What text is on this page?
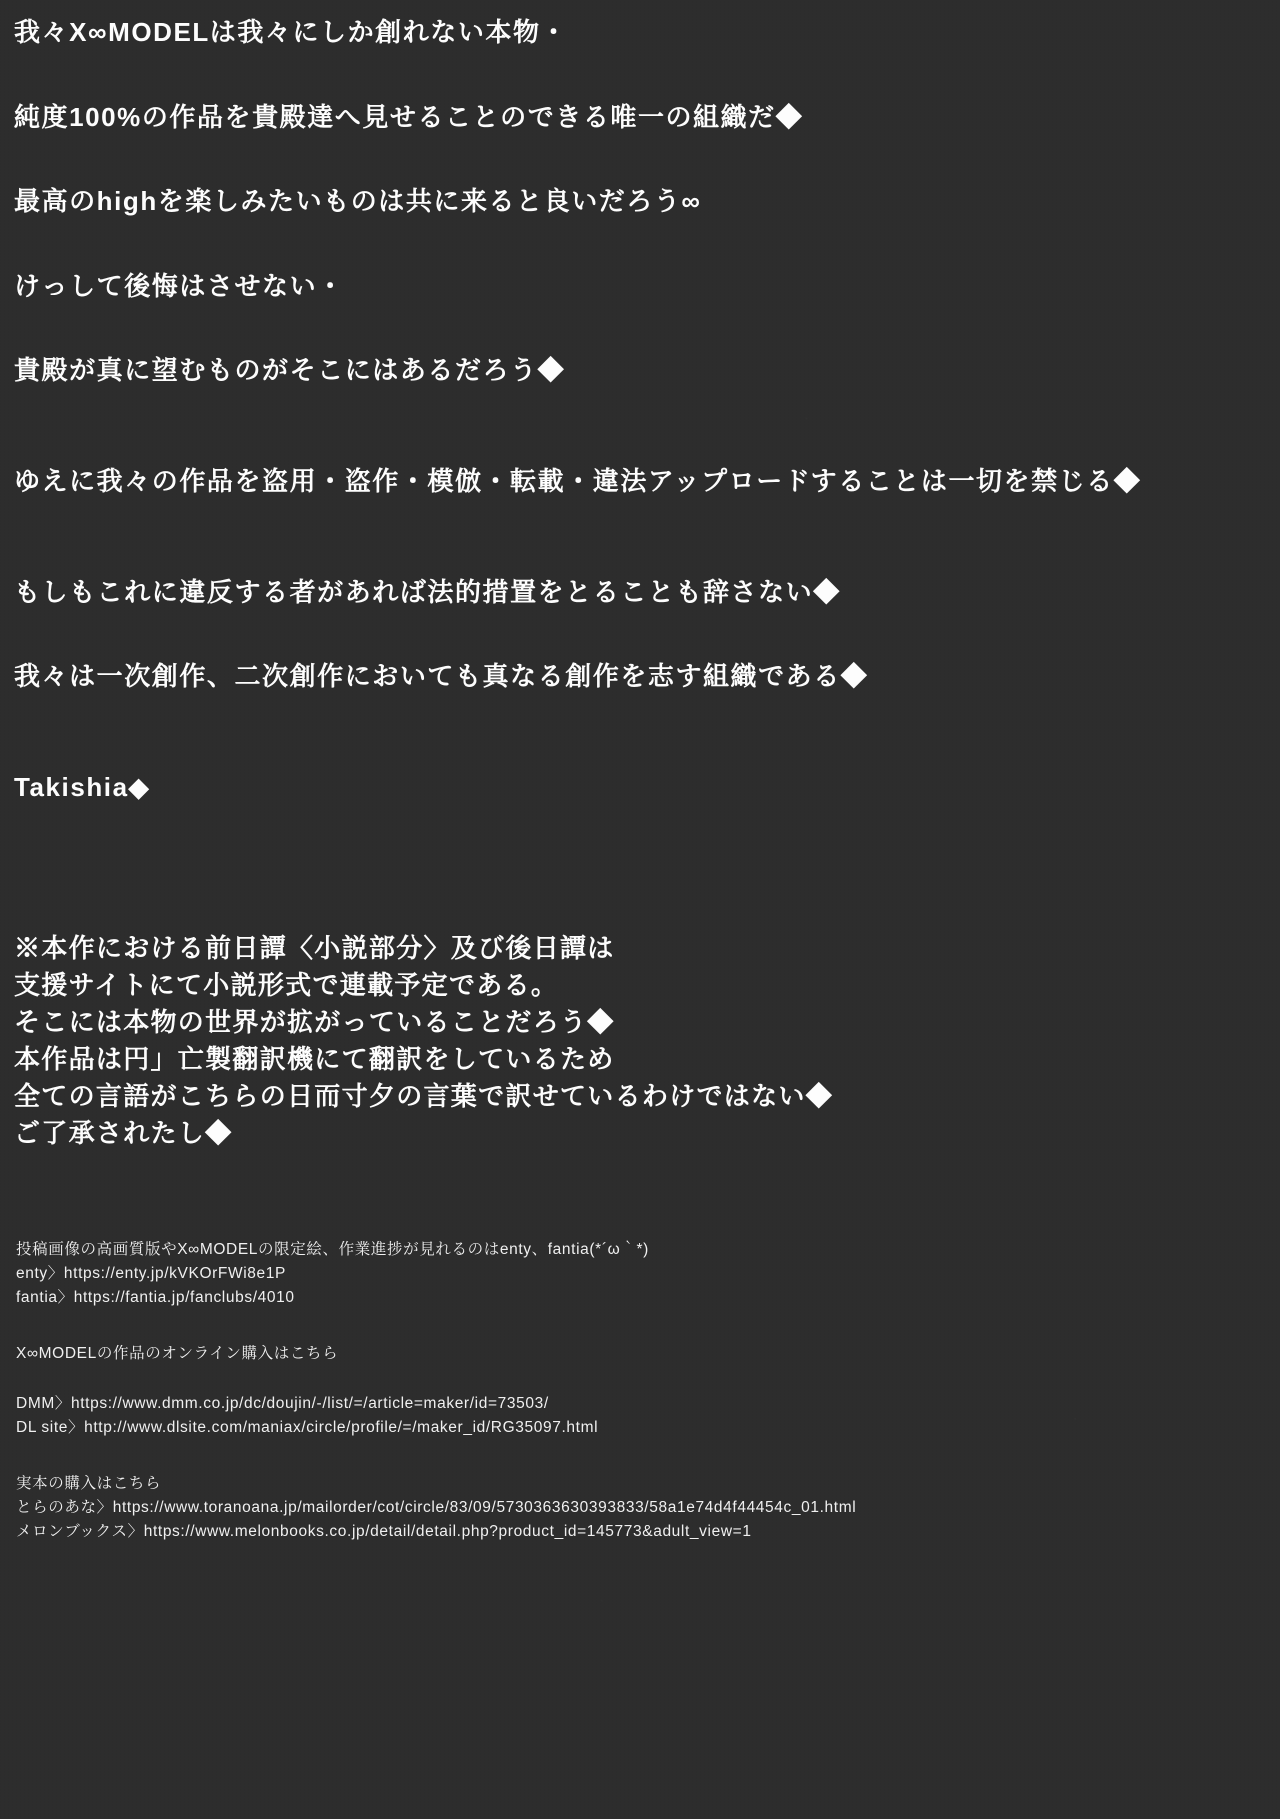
我々X∞MODELは我々にしか創れない本物・

純度100%の作品を貴殿達へ見せることのできる唯一の組織だ◆

最高のhighを楽しみたいものは共に来ると良いだろう∞

けっして後悔はさせない・

貴殿が真に望むものがそこにはあるだろう◆

ゆえに我々の作品を盗用・盗作・模倣・転載・違法アップロードすることは一切を禁じる◆

もしもこれに違反する者があれば法的措置をとることも辞さない◆

我々は一次創作、二次創作においても真なる創作を志す組織である◆

Takishia◆

※本作における前日譚〈小説部分〉及び後日譚は
支援サイトにて小説形式で連載予定である。
そこには本物の世界が拡がっていることだろう◆
本作品は円」亡製翻訳機にて翻訳をしているため
全ての言語がこちらの日而寸夕の言葉で訳せているわけではない◆
ご了承されたし◆
投稿画像の高画質版やX∞MODELの限定絵、作業進捗が見れるのはenty、fantia(*´ω｀*)
enty〉https://enty.jp/kVKOrFWi8e1P
fantia〉https://fantia.jp/fanclubs/4010
X∞MODELの作品のオンライン購入はこちら
DMM〉https://www.dmm.co.jp/dc/doujin/-/list/=/article=maker/id=73503/
DL site〉http://www.dlsite.com/maniax/circle/profile/=/maker_id/RG35097.html
実本の購入はこちら
とらのあな〉https://www.toranoana.jp/mailorder/cot/circle/83/09/5730363630393833/58a1e74d4f44454c_01.html
メロンブックス〉https://www.melonbooks.co.jp/detail/detail.php?product_id=145773&adult_view=1
